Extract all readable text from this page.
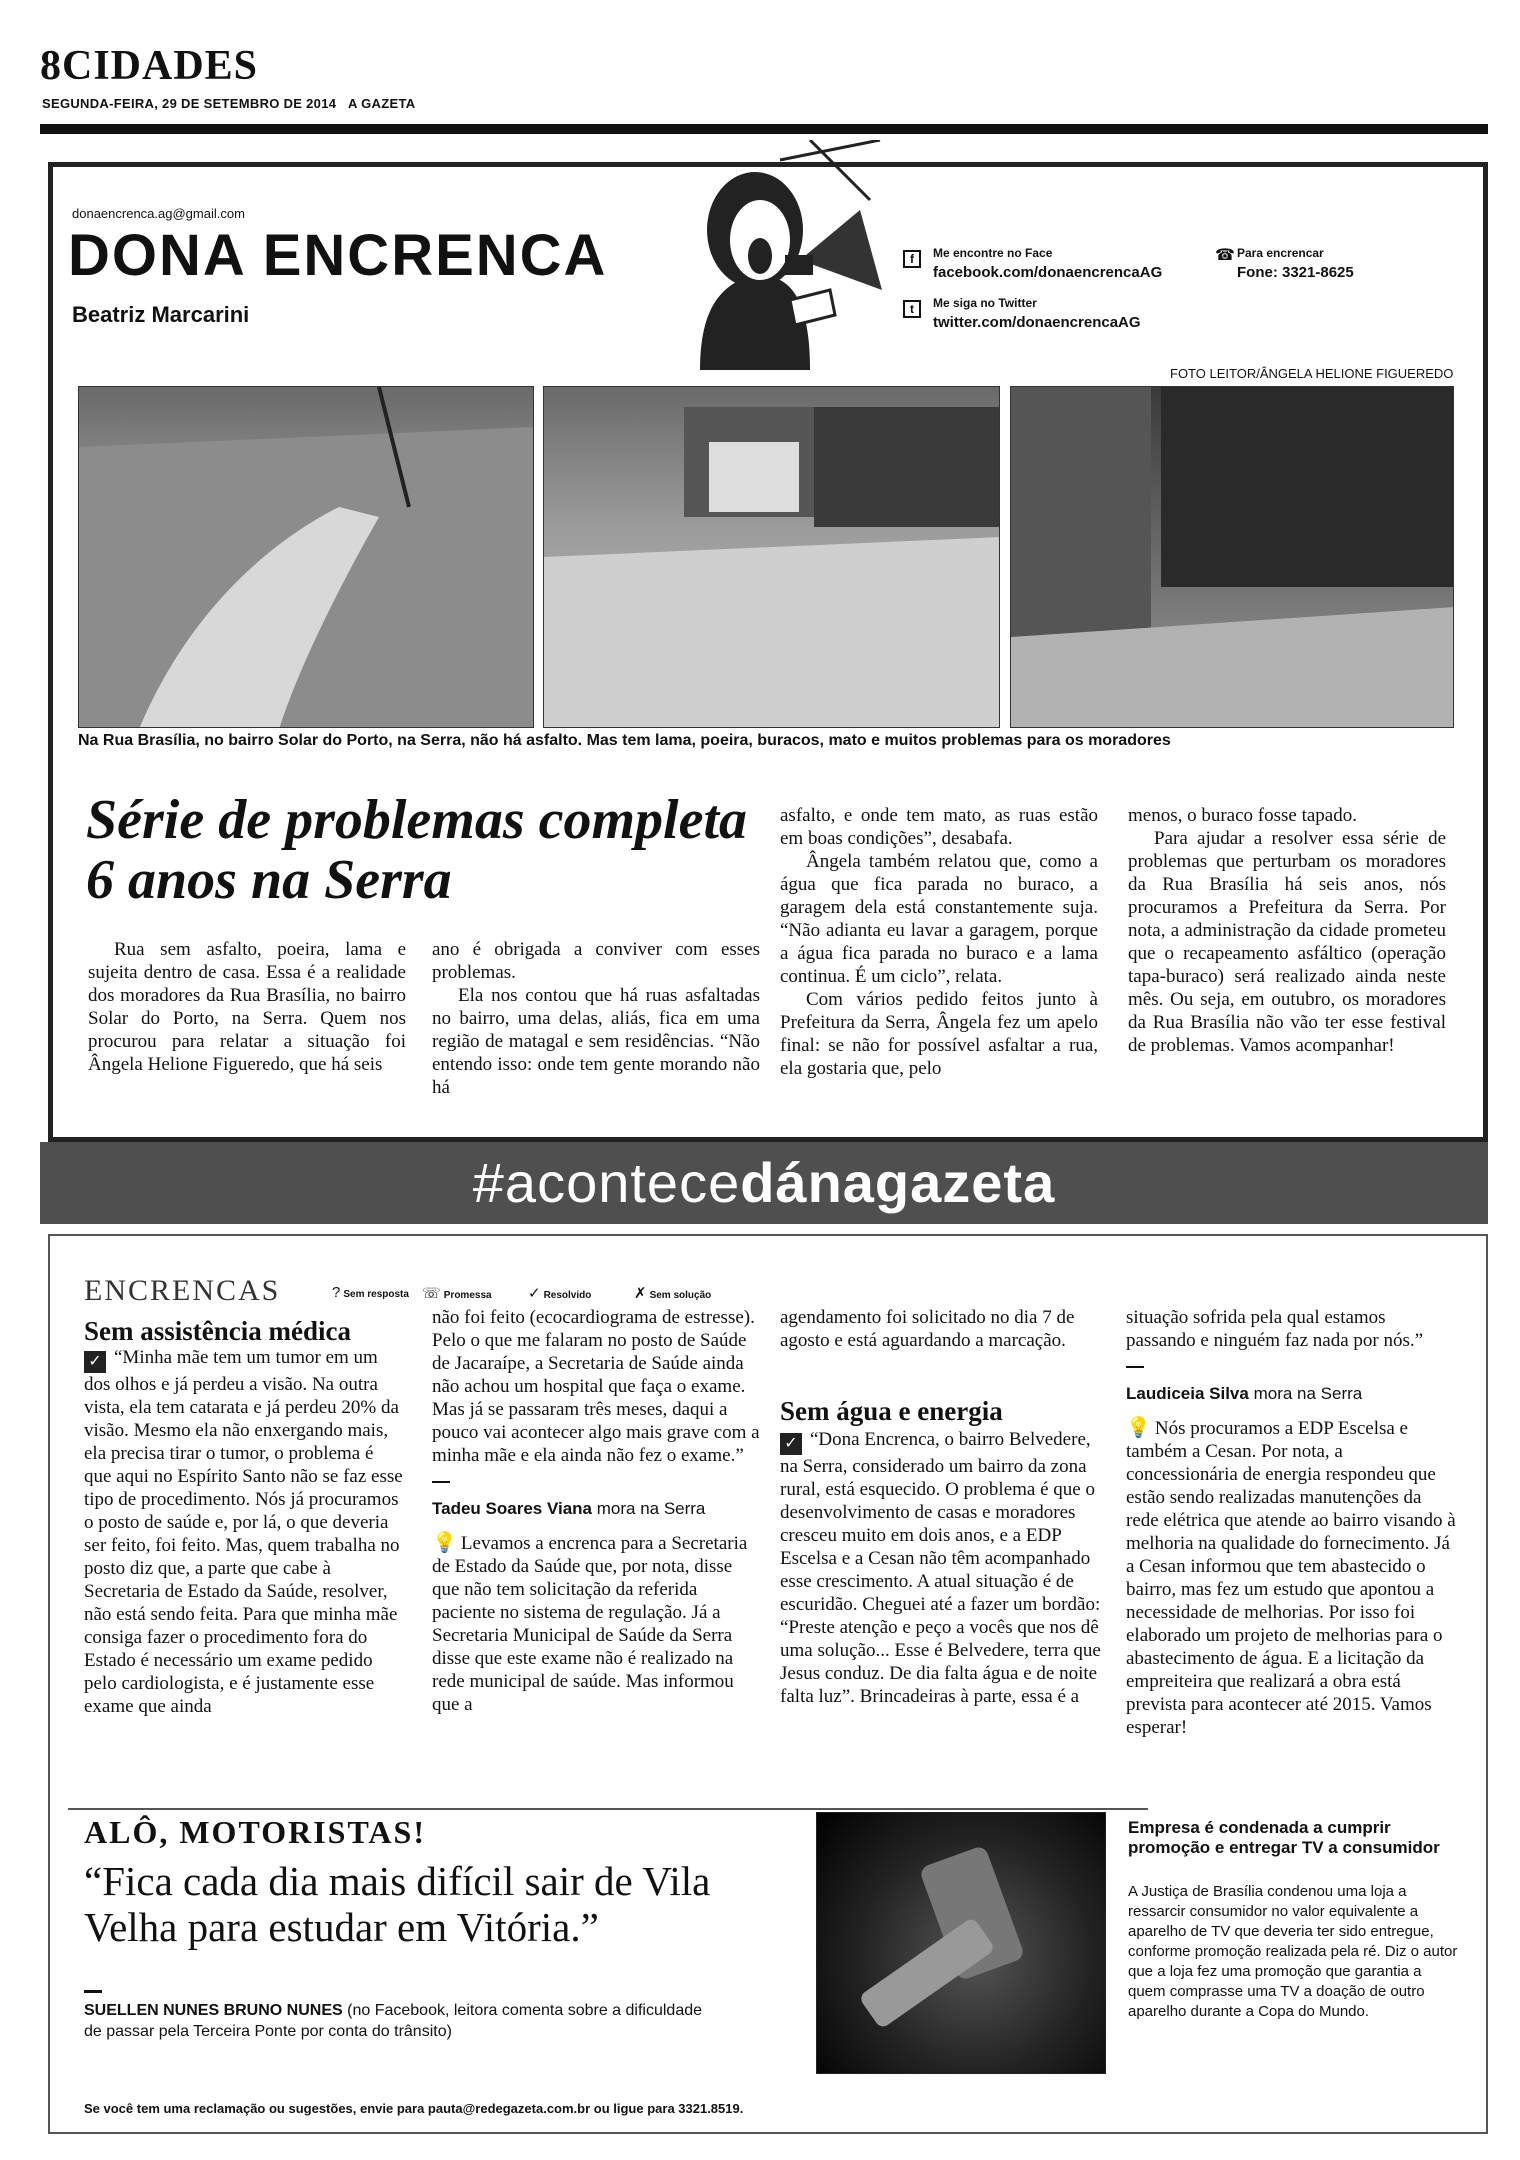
8CIDADES
SEGUNDA-FEIRA, 29 DE SETEMBRO DE 2014 A GAZETA
donaencrenca.ag@gmail.com
DONA ENCRENCA
Beatriz Marcarini
f	Me encontre no Face
facebook.com/donaencrencaAG
t	Me siga no Twitter
twitter.com/donaencrencaAG
☎ Para encrencar
Fone: 3321-8625
FOTO LEITOR/ÂNGELA HELIONE FIGUEREDO
Na Rua Brasília, no bairro Solar do Porto, na Serra, não há asfalto. Mas tem lama, poeira, buracos, mato e muitos problemas para os moradores
Série de problemas completa 6 anos na Serra

Rua sem asfalto, poeira, lama e sujeita dentro de casa. Essa é a realidade dos moradores da Rua Brasília, no bairro Solar do Porto, na Serra. Quem nos procurou para relatar a situação foi Ângela Helione Figueredo, que há seis

ano é obrigada a conviver com esses problemas.

Ela nos contou que há ruas asfaltadas no bairro, uma delas, aliás, fica em uma região de matagal e sem residências. “Não entendo isso: onde tem gente morando não há

asfalto, e onde tem mato, as ruas estão em boas condições”, desabafa.

Ângela também relatou que, como a água que fica parada no buraco, a garagem dela está constantemente suja. “Não adianta eu lavar a garagem, porque a água fica parada no buraco e a lama continua. É um ciclo”, relata.

Com vários pedido feitos junto à Prefeitura da Serra, Ângela fez um apelo final: se não for possível asfaltar a rua, ela gostaria que, pelo

menos, o buraco fosse tapado.

Para ajudar a resolver essa série de problemas que perturbam os moradores da Rua Brasília há seis anos, nós procuramos a Prefeitura da Serra. Por nota, a administração da cidade prometeu que o recapeamento asfáltico (operação tapa-buraco) será realizado ainda neste mês. Ou seja, em outubro, os moradores da Rua Brasília não vão ter esse festival de problemas. Vamos acompanhar!

#acontecedánagazeta
ENCRENCAS	? Sem resposta ☏ Promessa ✓ Resolvido	✗ Sem solução
Sem assistência médica

✓ “Minha mãe tem um tumor em um dos olhos e já perdeu a visão. Na outra vista, ela tem catarata e já perdeu 20% da visão. Mesmo ela não enxergando mais, ela precisa tirar o tumor, o problema é que aqui no Espírito Santo não se faz esse tipo de procedimento. Nós já procuramos o posto de saúde e, por lá, o que deveria ser feito, foi feito. Mas, quem trabalha no posto diz que, a parte que cabe à Secretaria de Estado da Saúde, resolver, não está sendo feita. Para que minha mãe consiga fazer o procedimento fora do Estado é necessário um exame pedido pelo cardiologista, e é justamente esse exame que ainda

não foi feito (ecocardiograma de estresse). Pelo o que me falaram no posto de Saúde de Jacaraípe, a Secretaria de Saúde ainda não achou um hospital que faça o exame. Mas já se passaram três meses, daqui a pouco vai acontecer algo mais grave com a minha mãe e ela ainda não fez o exame.”

Tadeu Soares Viana mora na Serra

💡 Levamos a encrenca para a Secretaria de Estado da Saúde que, por nota, disse que não tem solicitação da referida paciente no sistema de regulação. Já a Secretaria Municipal de Saúde da Serra disse que este exame não é realizado na rede municipal de saúde. Mas informou que a

agendamento foi solicitado no dia 7 de agosto e está aguardando a marcação.

Sem água e energia

✓ “Dona Encrenca, o bairro Belvedere, na Serra, considerado um bairro da zona rural, está esquecido. O problema é que o desenvolvimento de casas e moradores cresceu muito em dois anos, e a EDP Escelsa e a Cesan não têm acompanhado esse crescimento. A atual situação é de escuridão. Cheguei até a fazer um bordão: “Preste atenção e peço a vocês que nos dê uma solução... Esse é Belvedere, terra que Jesus conduz. De dia falta água e de noite falta luz”. Brincadeiras à parte, essa é a

situação sofrida pela qual estamos passando e ninguém faz nada por nós.”

Laudiceia Silva mora na Serra

💡 Nós procuramos a EDP Escelsa e também a Cesan. Por nota, a concessionária de energia respondeu que estão sendo realizadas manutenções da rede elétrica que atende ao bairro visando à melhoria na qualidade do fornecimento. Já a Cesan informou que tem abastecido o bairro, mas fez um estudo que apontou a necessidade de melhorias. Por isso foi elaborado um projeto de melhorias para o abastecimento de água. E a licitação da empreiteira que realizará a obra está prevista para acontecer até 2015. Vamos esperar!

ALÔ, MOTORISTAS!
“Fica cada dia mais difícil sair de Vila Velha para estudar em Vitória.”
SUELLEN NUNES BRUNO NUNES (no Facebook, leitora comenta sobre a dificuldade de passar pela Terceira Ponte por conta do trânsito)
Empresa é condenada a cumprir promoção e entregar TV a consumidor
A Justiça de Brasília condenou uma loja a ressarcir consumidor no valor equivalente a aparelho de TV que deveria ter sido entregue, conforme promoção realizada pela ré. Diz o autor que a loja fez uma promoção que garantia a quem comprasse uma TV a doação de outro aparelho durante a Copa do Mundo.
Se você tem uma reclamação ou sugestões, envie para pauta@redegazeta.com.br ou ligue para 3321.8519.
